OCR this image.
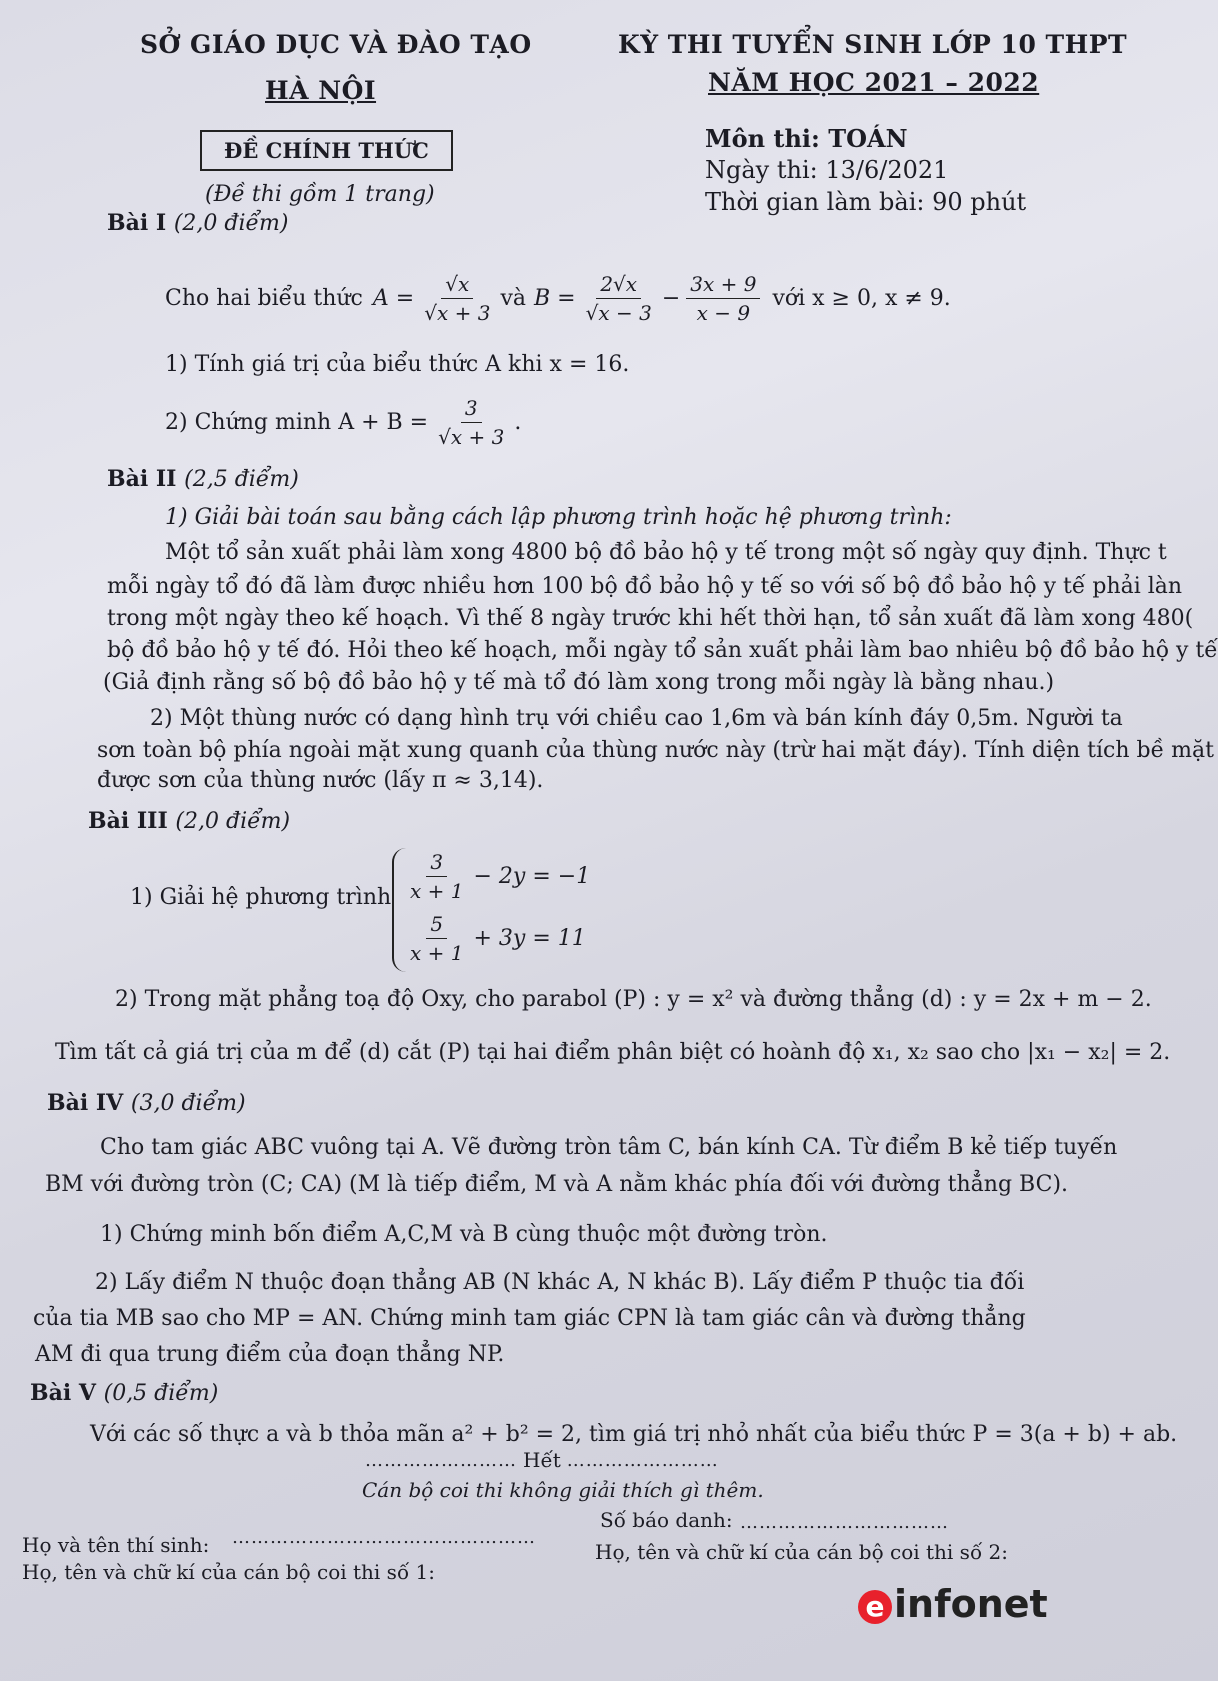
SỞ GIÁO DỤC VÀ ĐÀO TẠO
HÀ NỘI
ĐỀ CHÍNH THỨC
(Đề thi gồm 1 trang)
KỲ THI TUYỂN SINH LỚP 10 THPT
NĂM HỌC 2021 – 2022
Môn thi: TOÁN
Ngày thi: 13/6/2021
Thời gian làm bài: 90 phút
Bài I (2,0 điểm)
Cho hai biểu thức $A = \frac{√x}{√x + 3}$ và $B = \frac{2√x}{√x - 3} - \frac{3x + 9}{x - 9}$ với x ≥ 0, x ≠ 9.
1) Tính giá trị của biểu thức A khi x = 16.
2) Chứng minh $A + B = \frac{3}{√x + 3}$ .
Bài II (2,5 điểm)
1) Giải bài toán sau bằng cách lập phương trình hoặc hệ phương trình:
Một tổ sản xuất phải làm xong 4800 bộ đồ bảo hộ y tế trong một số ngày quy định. Thực t
mỗi ngày tổ đó đã làm được nhiều hơn 100 bộ đồ bảo hộ y tế so với số bộ đồ bảo hộ y tế phải làn
trong một ngày theo kế hoạch. Vì thế 8 ngày trước khi hết thời hạn, tổ sản xuất đã làm xong 480(
bộ đồ bảo hộ y tế đó. Hỏi theo kế hoạch, mỗi ngày tổ sản xuất phải làm bao nhiêu bộ đồ bảo hộ y tế
(Giả định rằng số bộ đồ bảo hộ y tế mà tổ đó làm xong trong mỗi ngày là bằng nhau.)
2) Một thùng nước có dạng hình trụ với chiều cao 1,6m và bán kính đáy 0,5m. Người ta
sơn toàn bộ phía ngoài mặt xung quanh của thùng nước này (trừ hai mặt đáy). Tính diện tích bề mặt
được sơn của thùng nước (lấy π ≈ 3,14).
Bài III (2,0 điểm)
1) Giải hệ phương trình $\frac{3}{x + 1} - 2y = -1$
$\frac{5}{x + 1} + 3y = 11$
2) Trong mặt phẳng toạ độ Oxy, cho parabol (P) : y = x² và đường thẳng (d) : y = 2x + m − 2.
Tìm tất cả giá trị của m để (d) cắt (P) tại hai điểm phân biệt có hoành độ x₁, x₂ sao cho |x₁ − x₂| = 2.
Bài IV (3,0 điểm)
Cho tam giác ABC vuông tại A. Vẽ đường tròn tâm C, bán kính CA. Từ điểm B kẻ tiếp tuyến
BM với đường tròn (C; CA) (M là tiếp điểm, M và A nằm khác phía đối với đường thẳng BC).
1) Chứng minh bốn điểm A,C,M và B cùng thuộc một đường tròn.
2) Lấy điểm N thuộc đoạn thẳng AB (N khác A, N khác B). Lấy điểm P thuộc tia đối
của tia MB sao cho MP = AN. Chứng minh tam giác CPN là tam giác cân và đường thẳng
AM đi qua trung điểm của đoạn thẳng NP.
Bài V (0,5 điểm)
Với các số thực a và b thỏa mãn a² + b² = 2, tìm giá trị nhỏ nhất của biểu thức P = 3(a + b) + ab.
…………………… Hết ……………………
Cán bộ coi thi không giải thích gì thêm.
Họ và tên thí sinh: …………………………………………
Số báo danh: ……………………………
Họ, tên và chữ kí của cán bộ coi thi số 1:
Họ, tên và chữ kí của cán bộ coi thi số 2:
e infonet
